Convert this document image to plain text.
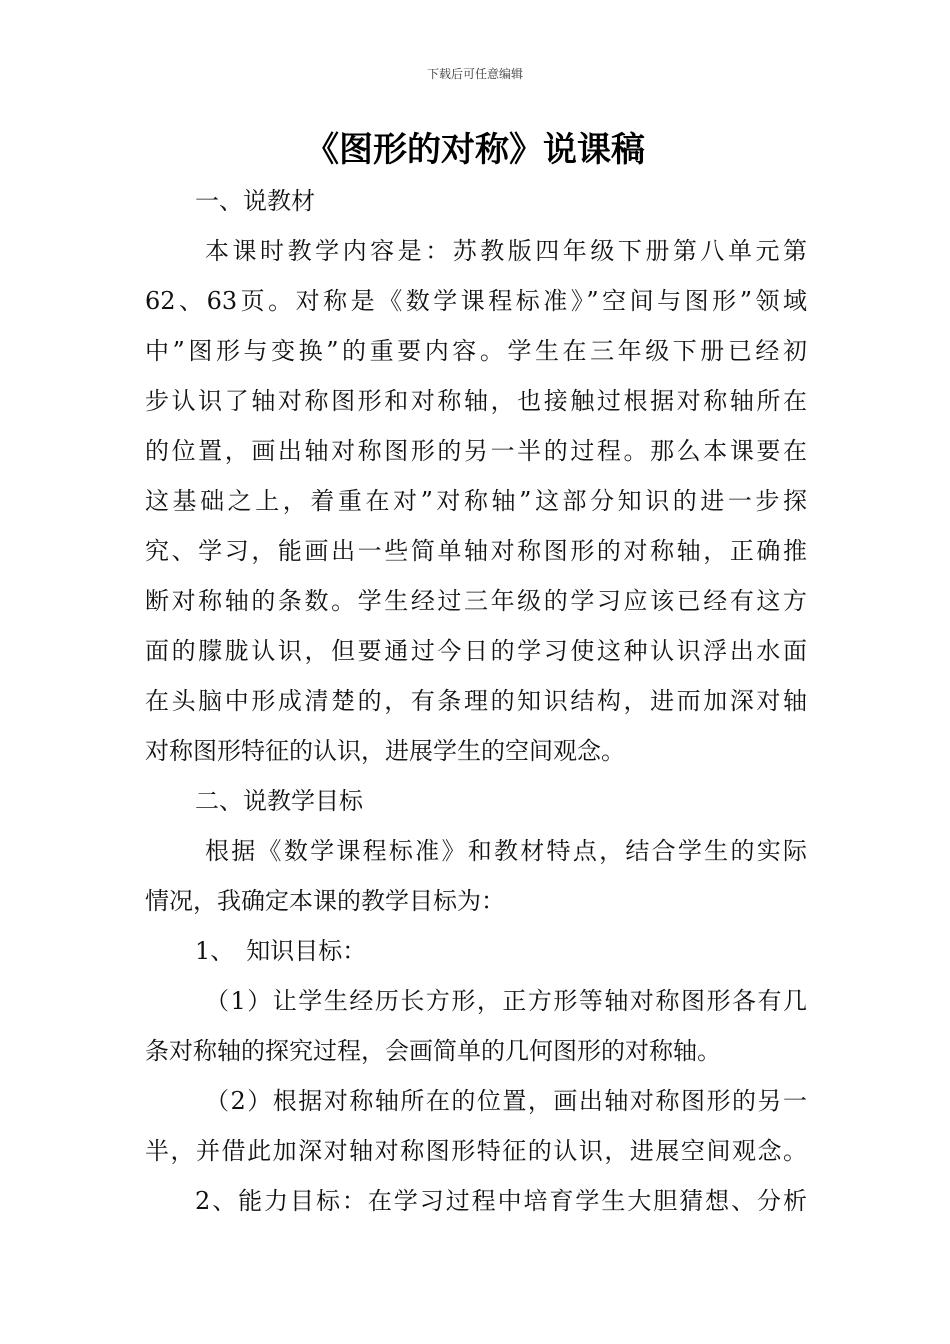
下载后可任意编辑
《图形的对称》说课稿
一、说教材
本课时教学内容是：苏教版四年级下册第八单元第
62、63页。对称是《数学课程标准》”空间与图形”领域
中”图形与变换”的重要内容。学生在三年级下册已经初
步认识了轴对称图形和对称轴，也接触过根据对称轴所在
的位置，画出轴对称图形的另一半的过程。那么本课要在
这基础之上，着重在对”对称轴”这部分知识的进一步探
究、学习，能画出一些简单轴对称图形的对称轴，正确推
断对称轴的条数。学生经过三年级的学习应该已经有这方
面的朦胧认识，但要通过今日的学习使这种认识浮出水面
在头脑中形成清楚的，有条理的知识结构，进而加深对轴
对称图形特征的认识，进展学生的空间观念。
二、说教学目标
根据《数学课程标准》和教材特点，结合学生的实际
情况，我确定本课的教学目标为：
1、　知识目标：
（1）让学生经历长方形，正方形等轴对称图形各有几
条对称轴的探究过程，会画简单的几何图形的对称轴。
（2）根据对称轴所在的位置，画出轴对称图形的另一
半，并借此加深对轴对称图形特征的认识，进展空间观念。
2、能力目标：在学习过程中培育学生大胆猜想、分析
